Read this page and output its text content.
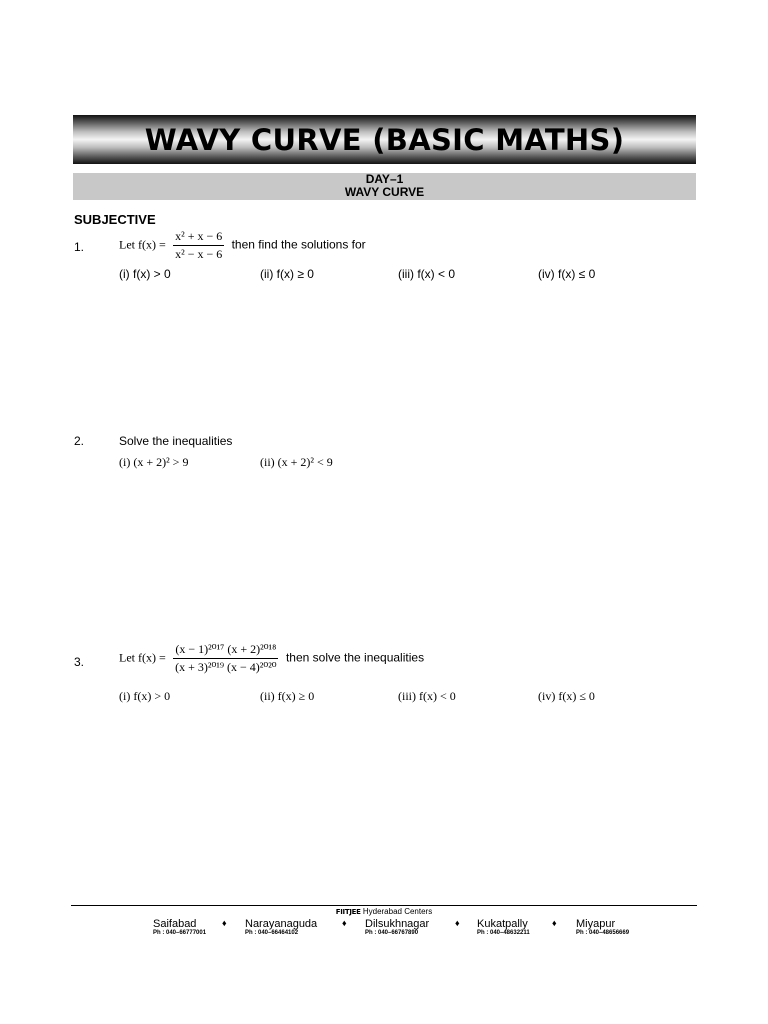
WAVY CURVE (BASIC MATHS)
DAY–1
WAVY CURVE
SUBJECTIVE
1.	Let $f(x) = \frac{\text{x² + x − 6}}{\text{x² − x − 6}}$ then find the solutions for
(i) f(x) > 0	(ii) f(x) ≥ 0	(iii) f(x) < 0	(iv) f(x) ≤ 0
2.	Solve the inequalities
(i) (x + 2)² > 9	(ii) (x + 2)² < 9
3.	Let $f(x) = \frac{\text{(x − 1)²⁰¹⁷ (x + 2)²⁰¹⁸}}{\text{(x + 3)²⁰¹⁹ (x − 4)²⁰²⁰}}$ then solve the inequalities
(i) f(x) > 0	(ii) f(x) ≥ 0	(iii) f(x) < 0	(iv) f(x) ≤ 0
FIITJEE Hyderabad Centers
Saifabad
Ph : 040–66777001
♦ Narayanaguda
Ph : 040–66464102
♦ Dilsukhnagar
Ph : 040–66767890
♦ Kukatpally
Ph : 040–48632211
♦ Miyapur
Ph : 040–48656669
